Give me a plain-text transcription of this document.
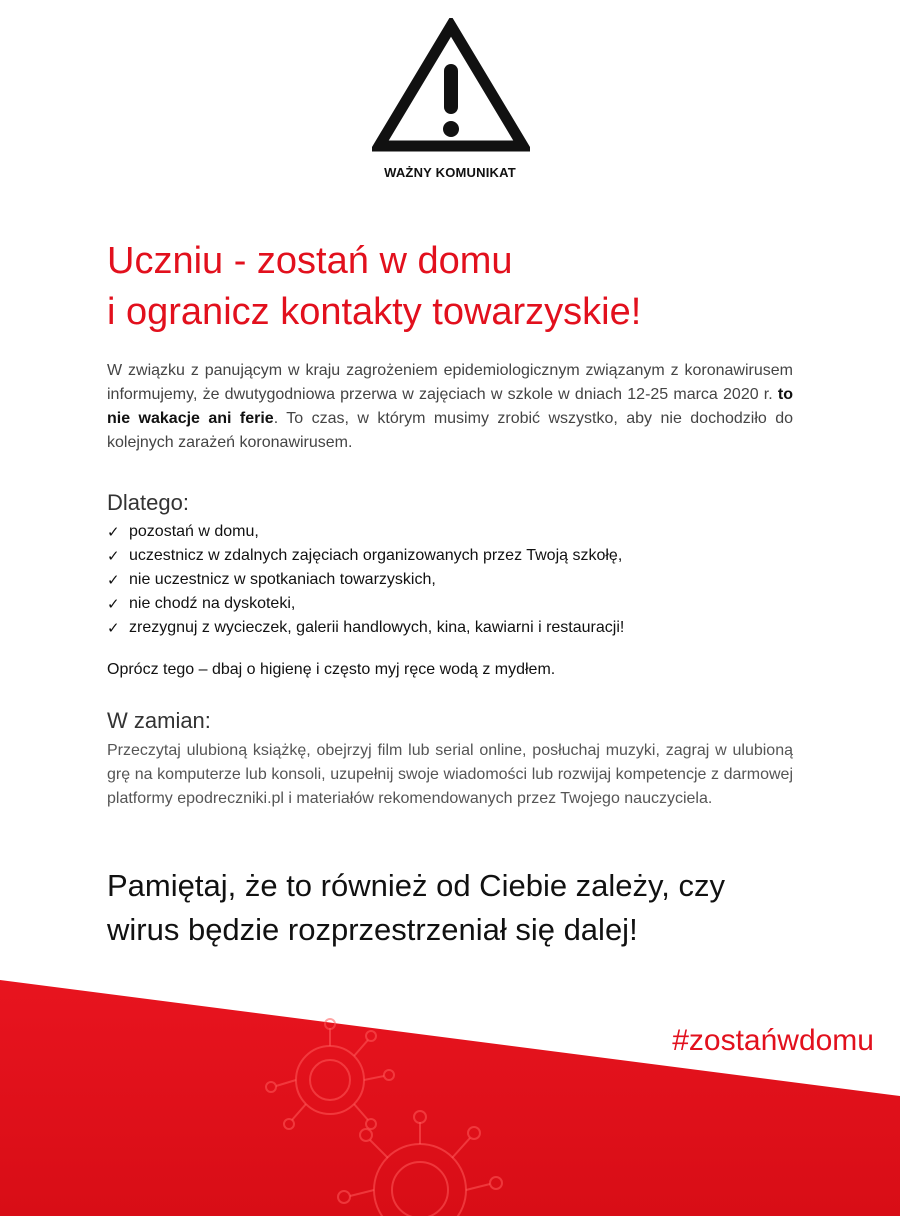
WAŻNY KOMUNIKAT
Uczniu - zostań w domu
i ogranicz kontakty towarzyskie!

W związku z panującym w kraju zagrożeniem epidemiologicznym związanym z koronawirusem informujemy, że dwutygodniowa przerwa w zajęciach w szkole w dniach 12-25 marca 2020 r. to nie wakacje ani ferie. To czas, w którym musimy zrobić wszystko, aby nie dochodziło do kolejnych zarażeń koronawirusem.

Dlatego:
✓ pozostań w domu,
✓ uczestnicz w zdalnych zajęciach organizowanych przez Twoją szkołę,
✓ nie uczestnicz w spotkaniach towarzyskich,
✓ nie chodź na dyskoteki,
✓ zrezygnuj z wycieczek, galerii handlowych, kina, kawiarni i restauracji!

Oprócz tego – dbaj o higienę i często myj ręce wodą z mydłem.

W zamian:

Przeczytaj ulubioną książkę, obejrzyj film lub serial online, posłuchaj muzyki, zagraj w ulubioną grę na komputerze lub konsoli, uzupełnij swoje wiadomości lub rozwijaj kompetencje z darmowej platformy epodreczniki.pl i materiałów rekomendowanych przez Twojego nauczyciela.

Pamiętaj, że to również od Ciebie zależy, czy
wirus będzie rozprzestrzeniał się dalej!
#zostańwdomu
